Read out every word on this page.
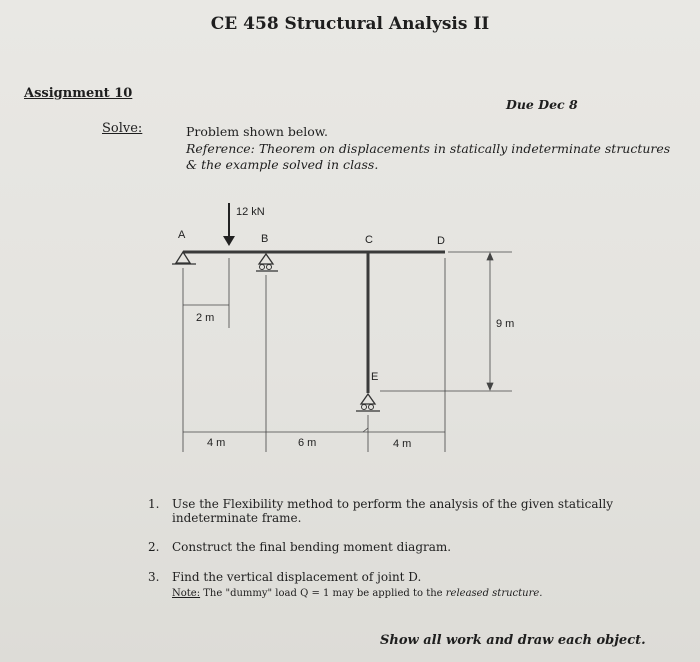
CE 458 Structural Analysis II
Assignment 10
Due Dec 8
Solve:	Problem shown below.
Reference: Theorem on displacements in statically indeterminate structures
& the example solved in class.
12 kN
A	B	C	D
E
2 m
4 m	6 m	4 m
9 m
1. Use the Flexibility method to perform the analysis of the given statically
indeterminate frame.
2. Construct the final bending moment diagram.
3. Find the vertical displacement of joint D.
Note: The "dummy" load Q = 1 may be applied to the released structure.
Show all work and draw each object.
